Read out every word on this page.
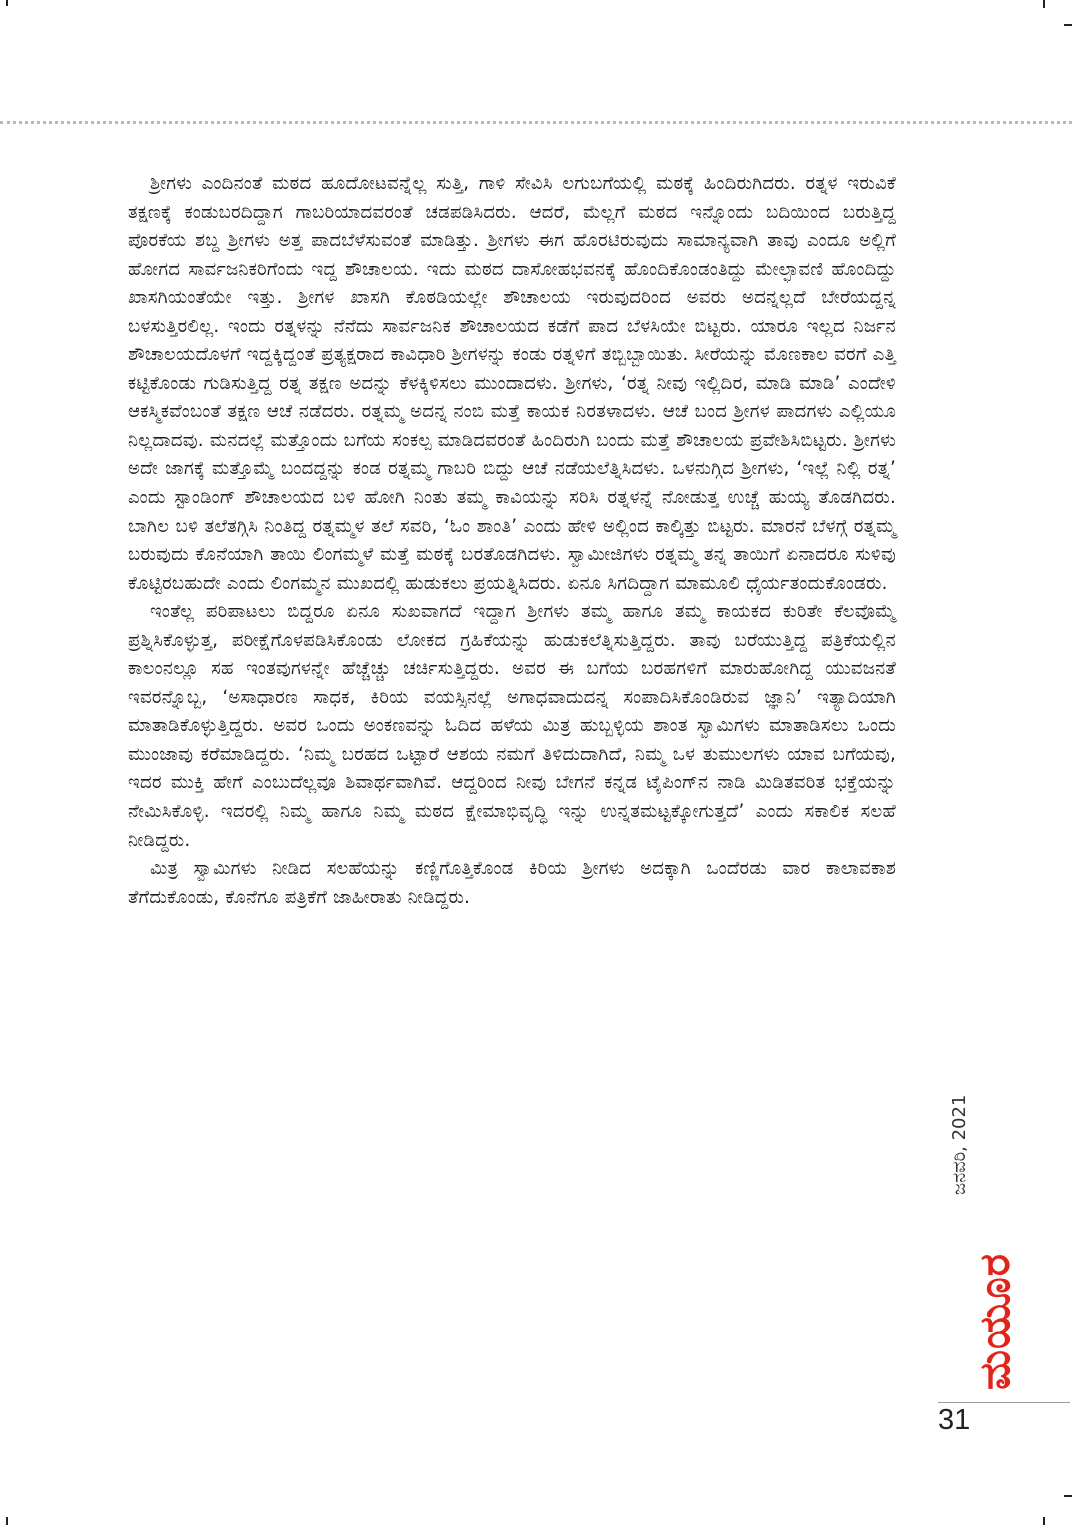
ಶ್ರೀಗಳು ಎಂದಿನಂತೆ ಮಠದ ಹೂದೋಟವನ್ನೆಲ್ಲ ಸುತ್ತಿ, ಗಾಳಿ ಸೇವಿಸಿ ಲಗುಬಗೆಯಲ್ಲಿ ಮಠಕ್ಕೆ ಹಿಂದಿರುಗಿದರು. ರತ್ನಳ ಇರುವಿಕೆ ತಕ್ಷಣಕ್ಕೆ ಕಂಡುಬರದಿದ್ದಾಗ ಗಾಬರಿಯಾದವರಂತೆ ಚಡಪಡಿಸಿದರು. ಆದರೆ, ಮೆಲ್ಲಗೆ ಮಠದ ಇನ್ನೊಂದು ಬದಿಯಿಂದ ಬರುತ್ತಿದ್ದ ಪೊರಕೆಯ ಶಬ್ದ ಶ್ರೀಗಳು ಅತ್ತ ಪಾದಬೆಳೆಸುವಂತೆ ಮಾಡಿತ್ತು. ಶ್ರೀಗಳು ಈಗ ಹೊರಟಿರುವುದು ಸಾಮಾನ್ಯವಾಗಿ ತಾವು ಎಂದೂ ಅಲ್ಲಿಗೆ ಹೋಗದ ಸಾರ್ವಜನಿಕರಿಗೆಂದು ಇದ್ದ ಶೌಚಾಲಯ. ಇದು ಮಠದ ದಾಸೋಹಭವನಕ್ಕೆ ಹೊಂದಿಕೊಂಡಂತಿದ್ದು ಮೇಲ್ಛಾವಣಿ ಹೊಂದಿದ್ದು ಖಾಸಗಿಯಂತೆಯೇ ಇತ್ತು. ಶ್ರೀಗಳ ಖಾಸಗಿ ಕೊಠಡಿಯಲ್ಲೇ ಶೌಚಾಲಯ ಇರುವುದರಿಂದ ಅವರು ಅದನ್ನಲ್ಲದೆ ಬೇರೆಯದ್ದನ್ನ ಬಳಸುತ್ತಿರಲಿಲ್ಲ. ಇಂದು ರತ್ನಳನ್ನು ನೆನೆದು ಸಾರ್ವಜನಿಕ ಶೌಚಾಲಯದ ಕಡೆಗೆ ಪಾದ ಬೆಳಸಿಯೇ ಬಿಟ್ಟರು. ಯಾರೂ ಇಲ್ಲದ ನಿರ್ಜನ ಶೌಚಾಲಯದೊಳಗೆ ಇದ್ದಕ್ಕಿದ್ದಂತೆ ಪ್ರತ್ಯಕ್ಷರಾದ ಕಾವಿಧಾರಿ ಶ್ರೀಗಳನ್ನು ಕಂಡು ರತ್ನಳಿಗೆ ತಬ್ಬಿಬ್ಬಾಯಿತು. ಸೀರೆಯನ್ನು ಮೊಣಕಾಲ ವರಗೆ ಎತ್ತಿ ಕಟ್ಟಿಕೊಂಡು ಗುಡಿಸುತ್ತಿದ್ದ ರತ್ನ ತಕ್ಷಣ ಅದನ್ನು ಕೆಳಕ್ಕಿಳಿಸಲು ಮುಂದಾದಳು. ಶ್ರೀಗಳು, ‘ರತ್ನ ನೀವು ಇಲ್ಲಿದಿರ, ಮಾಡಿ ಮಾಡಿ’ ಎಂದೇಳಿ ಆಕಸ್ಮಿಕವೆಂಬಂತೆ ತಕ್ಷಣ ಆಚೆ ನಡೆದರು. ರತ್ನಮ್ಮ ಅದನ್ನ ನಂಬಿ ಮತ್ತೆ ಕಾಯಕ ನಿರತಳಾದಳು. ಆಚೆ ಬಂದ ಶ್ರೀಗಳ ಪಾದಗಳು ಎಲ್ಲಿಯೂ ನಿಲ್ಲದಾದವು. ಮನದಲ್ಲೆ ಮತ್ತೊಂದು ಬಗೆಯ ಸಂಕಲ್ಪ ಮಾಡಿದವರಂತೆ ಹಿಂದಿರುಗಿ ಬಂದು ಮತ್ತೆ ಶೌಚಾಲಯ ಪ್ರವೇಶಿಸಿಬಿಟ್ಟರು. ಶ್ರೀಗಳು ಅದೇ ಜಾಗಕ್ಕೆ ಮತ್ತೊಮ್ಮೆ ಬಂದದ್ದನ್ನು ಕಂಡ ರತ್ನಮ್ಮ ಗಾಬರಿ ಬಿದ್ದು ಆಚೆ ನಡೆಯಲೆತ್ನಿಸಿದಳು. ಒಳನುಗ್ಗಿದ ಶ್ರೀಗಳು, ‘ಇಲ್ಲೆ ನಿಲ್ಲಿ ರತ್ನ’ ಎಂದು ಸ್ಟಾಂಡಿಂಗ್ ಶೌಚಾಲಯದ ಬಳಿ ಹೋಗಿ ನಿಂತು ತಮ್ಮ ಕಾವಿಯನ್ನು ಸರಿಸಿ ರತ್ನಳನ್ನೆ ನೋಡುತ್ತ ಉಚ್ಚೆ ಹುಯ್ಯ ತೊಡಗಿದರು. ಬಾಗಿಲ ಬಳಿ ತಲೆತಗ್ಗಿಸಿ ನಿಂತಿದ್ದ ರತ್ನಮ್ಮಳ ತಲೆ ಸವರಿ, ‘ಓಂ ಶಾಂತಿ’ ಎಂದು ಹೇಳಿ ಅಲ್ಲಿಂದ ಕಾಲ್ಕಿತ್ತು ಬಿಟ್ಟರು. ಮಾರನೆ ಬೆಳಗ್ಗೆ ರತ್ನಮ್ಮ ಬರುವುದು ಕೊನೆಯಾಗಿ ತಾಯಿ ಲಿಂಗಮ್ಮಳೆ ಮತ್ತೆ ಮಠಕ್ಕೆ ಬರತೊಡಗಿದಳು. ಸ್ವಾಮೀಜಿಗಳು ರತ್ನಮ್ಮ ತನ್ನ ತಾಯಿಗೆ ಏನಾದರೂ ಸುಳಿವು ಕೊಟ್ಟಿರಬಹುದೇ ಎಂದು ಲಿಂಗಮ್ಮನ ಮುಖದಲ್ಲಿ ಹುಡುಕಲು ಪ್ರಯತ್ನಿಸಿದರು. ಏನೂ ಸಿಗದಿದ್ದಾಗ ಮಾಮೂಲಿ ಧೈರ್ಯತಂದುಕೊಂಡರು.

ಇಂತೆಲ್ಲ ಪರಿಪಾಟಲು ಬಿದ್ದರೂ ಏನೂ ಸುಖವಾಗದೆ ಇದ್ದಾಗ ಶ್ರೀಗಳು ತಮ್ಮ ಹಾಗೂ ತಮ್ಮ ಕಾಯಕದ ಕುರಿತೇ ಕೆಲವೊಮ್ಮೆ ಪ್ರಶ್ನಿಸಿಕೊಳ್ಳುತ್ತ, ಪರೀಕ್ಷೆಗೊಳಪಡಿಸಿಕೊಂಡು ಲೋಕದ ಗ್ರಹಿಕೆಯನ್ನು ಹುಡುಕಲೆತ್ನಿಸುತ್ತಿದ್ದರು. ತಾವು ಬರೆಯುತ್ತಿದ್ದ ಪತ್ರಿಕೆಯಲ್ಲಿನ ಕಾಲಂನಲ್ಲೂ ಸಹ ಇಂತವುಗಳನ್ನೇ ಹೆಚ್ಚೆಚ್ಚು ಚರ್ಚಿಸುತ್ತಿದ್ದರು. ಅವರ ಈ ಬಗೆಯ ಬರಹಗಳಿಗೆ ಮಾರುಹೋಗಿದ್ದ ಯುವಜನತೆ ಇವರನ್ನೊಬ್ಬ, ‘ಅಸಾಧಾರಣ ಸಾಧಕ, ಕಿರಿಯ ವಯಸ್ಸಿನಲ್ಲೆ ಅಗಾಧವಾದುದನ್ನ ಸಂಪಾದಿಸಿಕೊಂಡಿರುವ ಜ್ಞಾನಿ’ ಇತ್ಯಾದಿಯಾಗಿ ಮಾತಾಡಿಕೊಳ್ಳುತ್ತಿದ್ದರು. ಅವರ ಒಂದು ಅಂಕಣವನ್ನು ಓದಿದ ಹಳೆಯ ಮಿತ್ರ ಹುಬ್ಬಳ್ಳಿಯ ಶಾಂತ ಸ್ವಾಮಿಗಳು ಮಾತಾಡಿಸಲು ಒಂದು ಮುಂಜಾವು ಕರೆಮಾಡಿದ್ದರು. ‘ನಿಮ್ಮ ಬರಹದ ಒಟ್ಟಾರೆ ಆಶಯ ನಮಗೆ ತಿಳಿದುದಾಗಿದೆ, ನಿಮ್ಮ ಒಳ ತುಮುಲಗಳು ಯಾವ ಬಗೆಯವು, ಇದರ ಮುಕ್ತಿ ಹೇಗೆ ಎಂಬುದೆಲ್ಲವೂ ಶಿವಾರ್ಥವಾಗಿವೆ. ಆದ್ದರಿಂದ ನೀವು ಬೇಗನೆ ಕನ್ನಡ ಟೈಪಿಂಗ್‌ನ ನಾಡಿ ಮಿಡಿತವರಿತ ಭಕ್ತೆಯನ್ನು ನೇಮಿಸಿಕೊಳ್ಳಿ. ಇದರಲ್ಲಿ ನಿಮ್ಮ ಹಾಗೂ ನಿಮ್ಮ ಮಠದ ಕ್ಷೇಮಾಭಿವೃದ್ಧಿ ಇನ್ನು ಉನ್ನತಮಟ್ಟಕ್ಕೋಗುತ್ತದೆ’ ಎಂದು ಸಕಾಲಿಕ ಸಲಹೆ ನೀಡಿದ್ದರು.

ಮಿತ್ರ ಸ್ವಾಮಿಗಳು ನೀಡಿದ ಸಲಹೆಯನ್ನು ಕಣ್ಣಿಗೊತ್ತಿಕೊಂಡ ಕಿರಿಯ ಶ್ರೀಗಳು ಅದಕ್ಕಾಗಿ ಒಂದೆರಡು ವಾರ ಕಾಲಾವಕಾಶ ತೆಗೆದುಕೊಂಡು, ಕೊನೆಗೂ ಪತ್ರಿಕೆಗೆ ಜಾಹೀರಾತು ನೀಡಿದ್ದರು.

ಜನವರಿ, 2021
ಮಯೂರ
31
